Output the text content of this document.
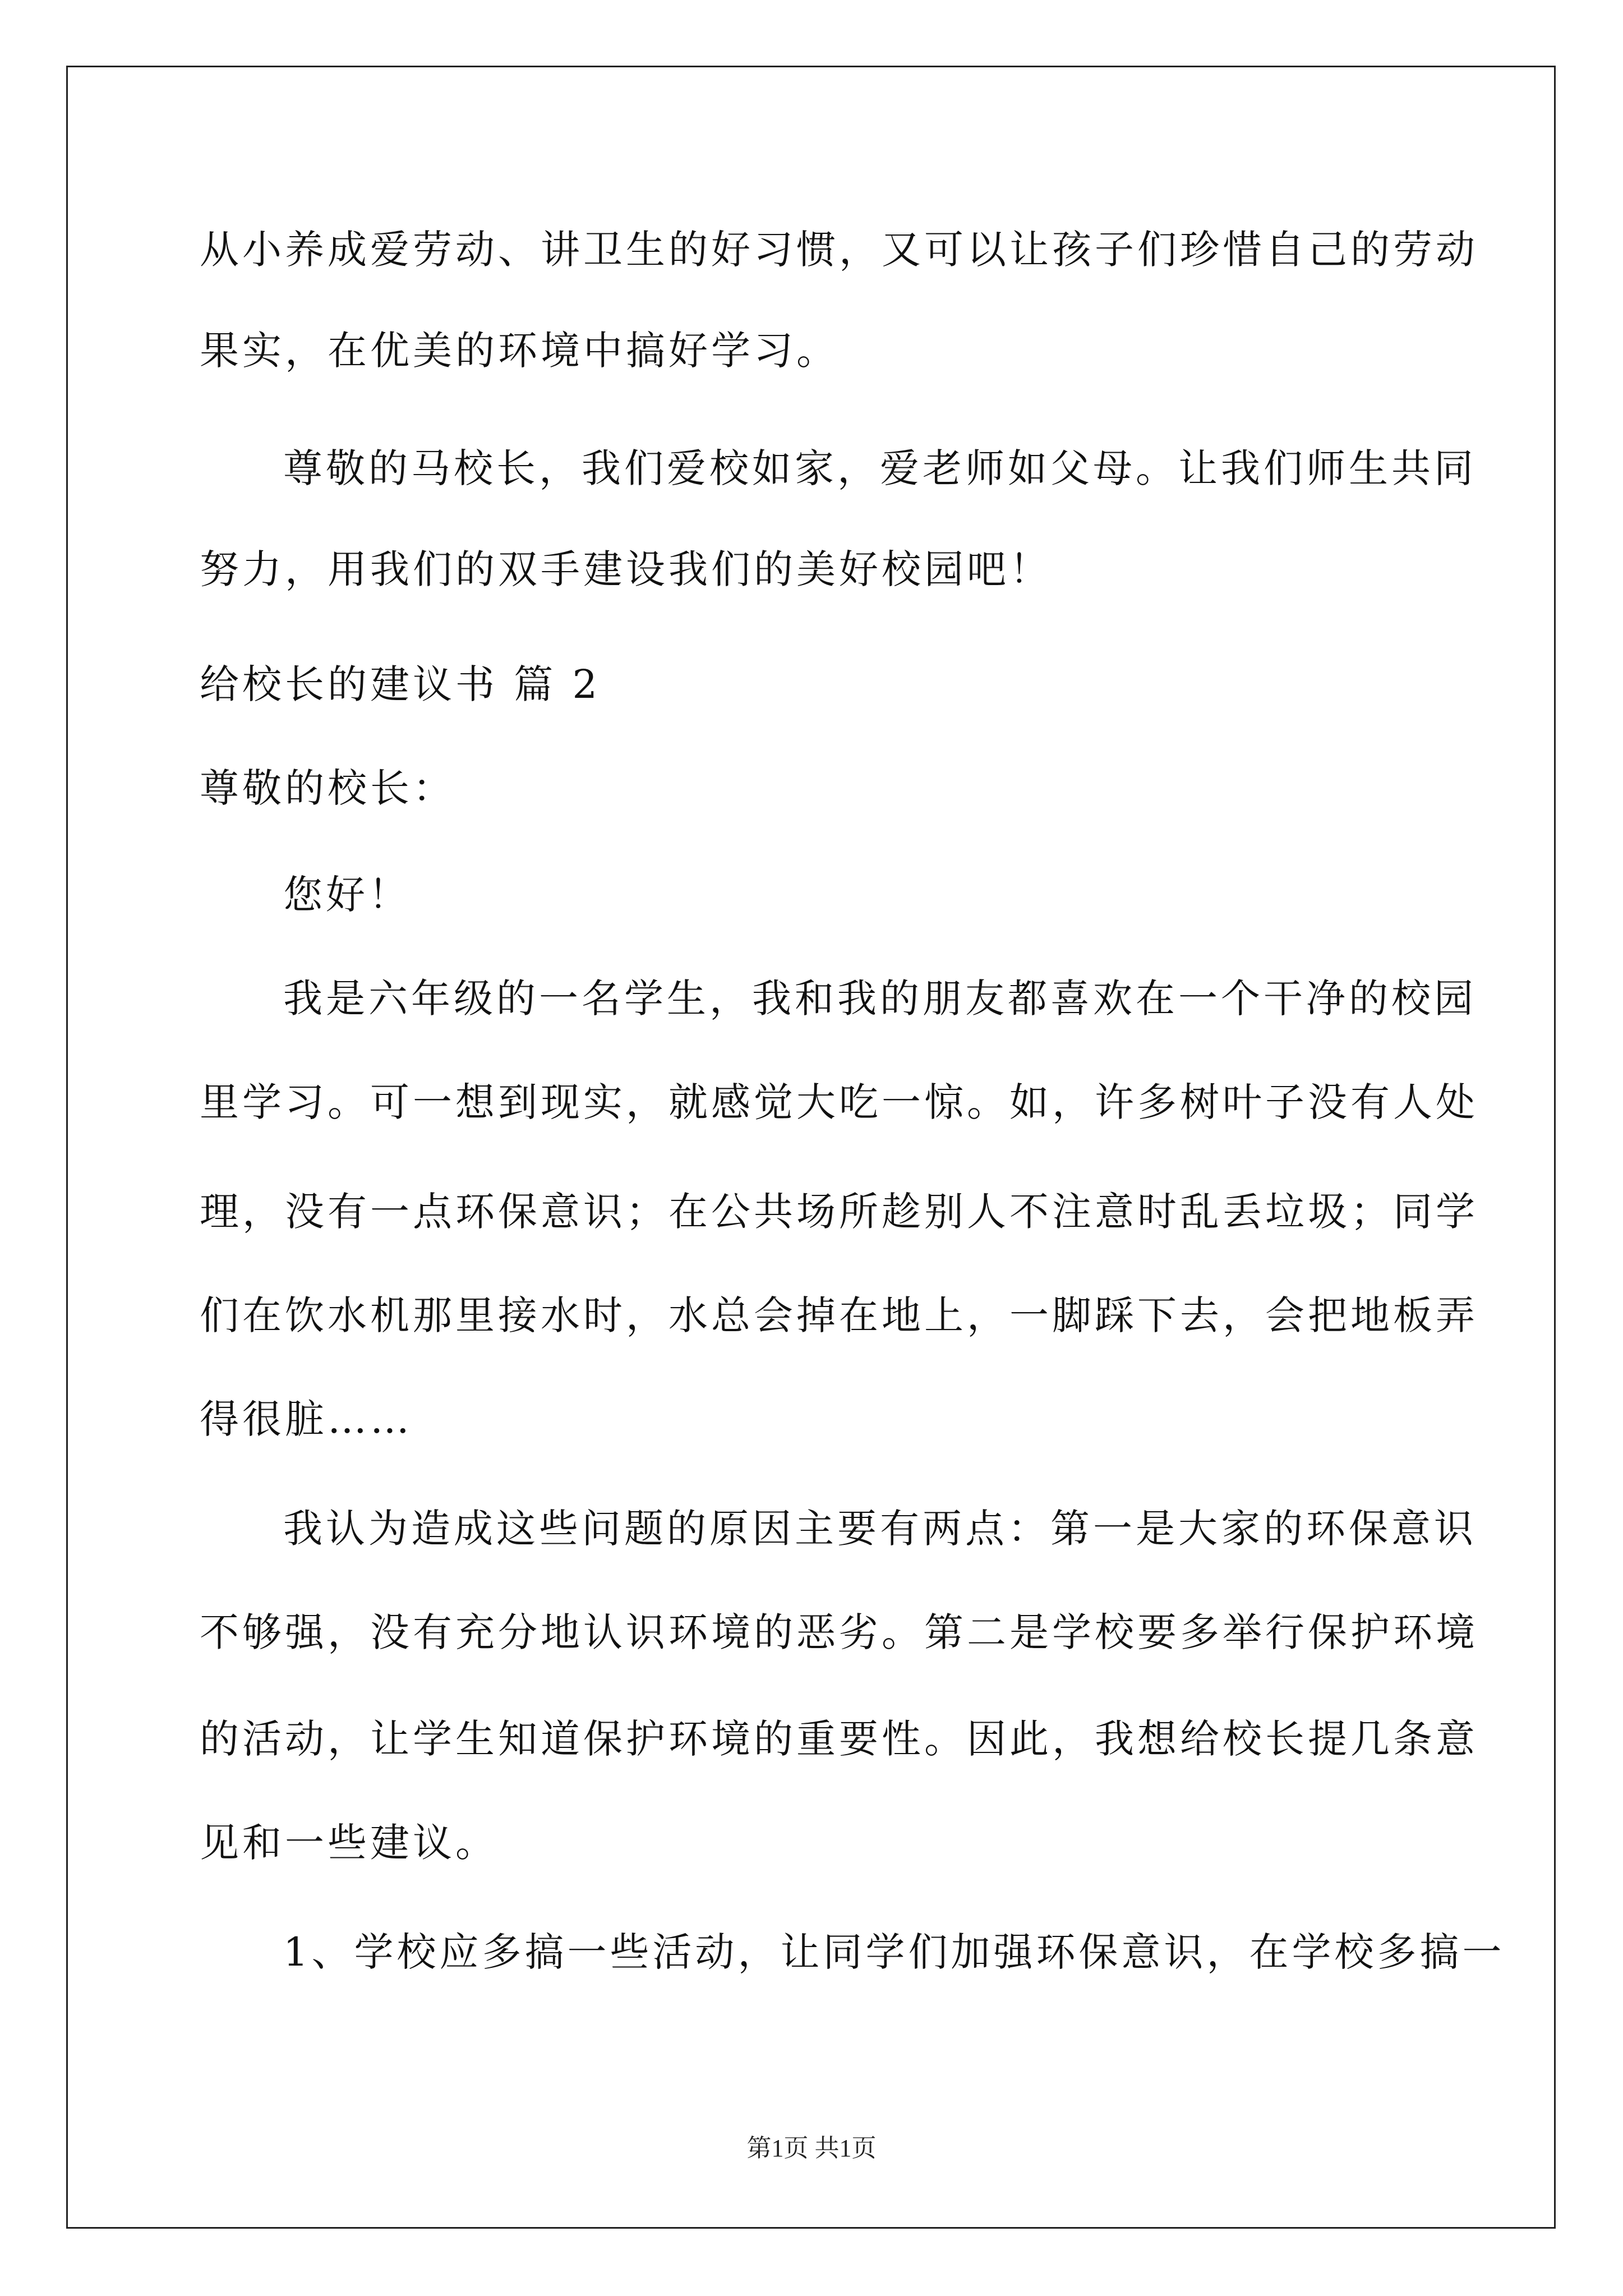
从小养成爱劳动、讲卫生的好习惯，又可以让孩子们珍惜自己的劳动
果实，在优美的环境中搞好学习。
尊敬的马校长，我们爱校如家，爱老师如父母。让我们师生共同
努力，用我们的双手建设我们的美好校园吧！
给校长的建议书 篇 2
尊敬的校长：
您好！
我是六年级的一名学生，我和我的朋友都喜欢在一个干净的校园
里学习。可一想到现实，就感觉大吃一惊。如，许多树叶子没有人处
理，没有一点环保意识；在公共场所趁别人不注意时乱丢垃圾；同学
们在饮水机那里接水时，水总会掉在地上，一脚踩下去，会把地板弄
得很脏……
我认为造成这些问题的原因主要有两点：第一是大家的环保意识
不够强，没有充分地认识环境的恶劣。第二是学校要多举行保护环境
的活动，让学生知道保护环境的重要性。因此，我想给校长提几条意
见和一些建议。
1、学校应多搞一些活动，让同学们加强环保意识，在学校多搞一
第1页 共1页
